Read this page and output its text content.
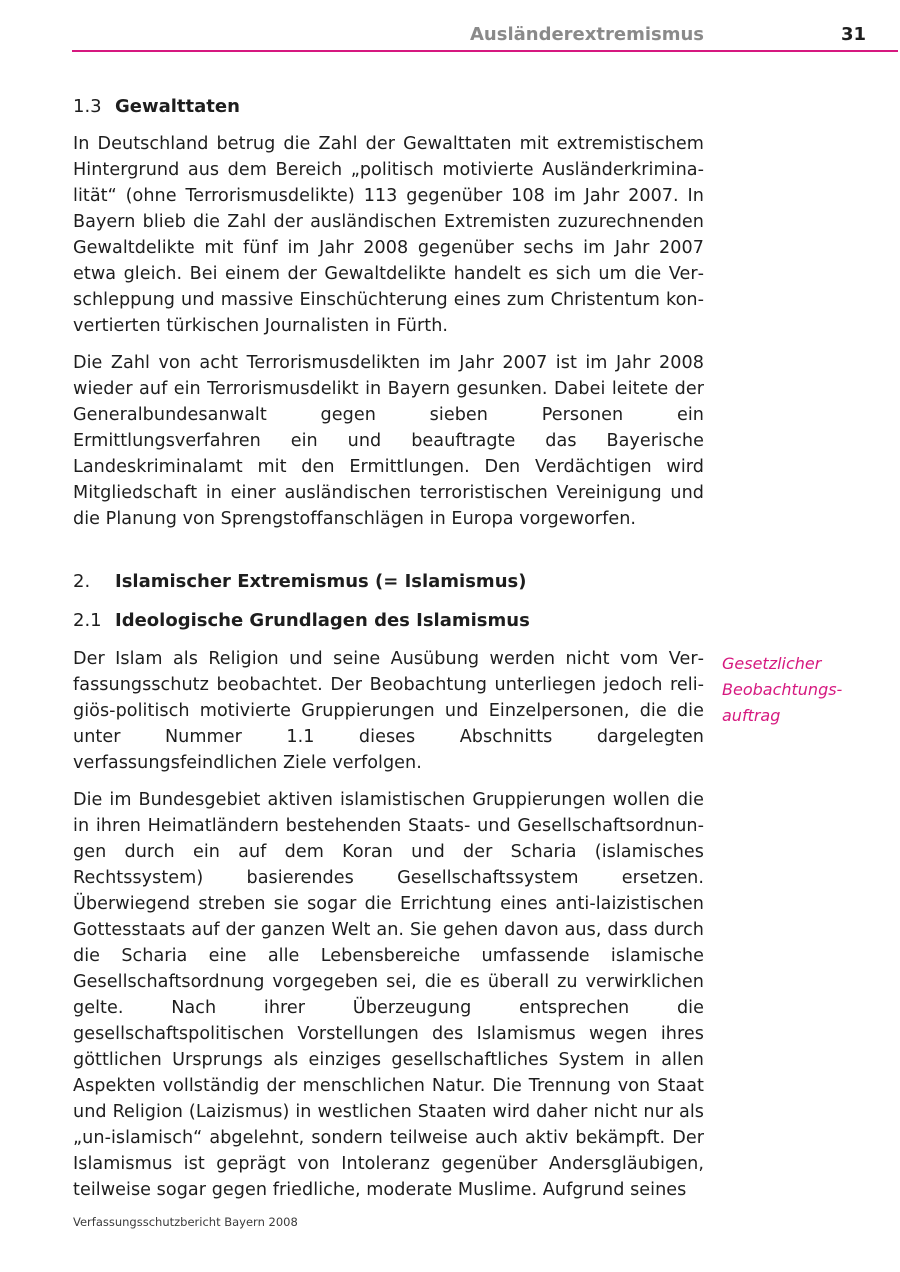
Ausländerextremismus	31
1.3 Gewalttaten

In Deutschland betrug die Zahl der Gewalttaten mit extremistischem Hintergrund aus dem Bereich „politisch motivierte Ausländerkriminalität“ (ohne Terrorismusdelikte) 113 gegenüber 108 im Jahr 2007. In Bayern blieb die Zahl der ausländischen Extremisten zuzurechnenden Gewaltdelikte mit fünf im Jahr 2008 gegenüber sechs im Jahr 2007 etwa gleich. Bei einem der Gewaltdelikte handelt es sich um die Verschleppung und massive Einschüchterung eines zum Christentum konvertierten türkischen Journalisten in Fürth.

Die Zahl von acht Terrorismusdelikten im Jahr 2007 ist im Jahr 2008 wieder auf ein Terrorismusdelikt in Bayern gesunken. Dabei leitete der Generalbundesanwalt gegen sieben Personen ein Ermittlungsverfahren ein und beauftragte das Bayerische Landeskriminalamt mit den Ermittlungen. Den Verdächtigen wird Mitgliedschaft in einer ausländischen terroristischen Vereinigung und die Planung von Sprengstoffanschlägen in Europa vorgeworfen.

2. Islamischer Extremismus (= Islamismus)
2.1 Ideologische Grundlagen des Islamismus

Der Islam als Religion und seine Ausübung werden nicht vom Verfassungsschutz beobachtet. Der Beobachtung unterliegen jedoch religiös-politisch motivierte Gruppierungen und Einzelpersonen, die die unter Nummer 1.1 dieses Abschnitts dargelegten verfassungsfeindlichen Ziele verfolgen.

Die im Bundesgebiet aktiven islamistischen Gruppierungen wollen die in ihren Heimatländern bestehenden Staats- und Gesellschaftsordnungen durch ein auf dem Koran und der Scharia (islamisches Rechtssystem) basierendes Gesellschaftssystem ersetzen. Überwiegend streben sie sogar die Errichtung eines anti-laizistischen Gottesstaats auf der ganzen Welt an. Sie gehen davon aus, dass durch die Scharia eine alle Lebensbereiche umfassende islamische Gesellschaftsordnung vorgegeben sei, die es überall zu verwirklichen gelte. Nach ihrer Überzeugung entsprechen die gesellschaftspolitischen Vorstellungen des Islamismus wegen ihres göttlichen Ursprungs als einziges gesellschaftliches System in allen Aspekten vollständig der menschlichen Natur. Die Trennung von Staat und Religion (Laizismus) in westlichen Staaten wird daher nicht nur als „un-islamisch“ abgelehnt, sondern teilweise auch aktiv bekämpft. Der Islamismus ist geprägt von Intoleranz gegenüber Andersgläubigen, teilweise sogar gegen friedliche, moderate Muslime. Aufgrund seines

Gesetzlicher
Beobachtungs-
auftrag
Verfassungsschutzbericht Bayern 2008
